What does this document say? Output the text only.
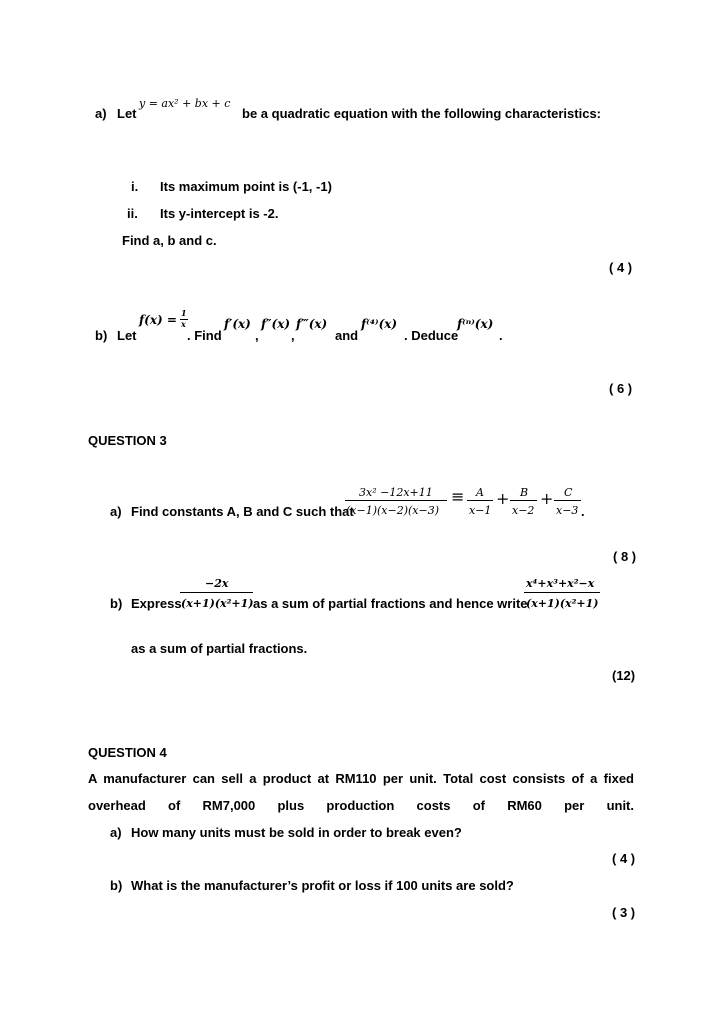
a) Let
y = ax² + bx + c
be a quadratic equation with the following characteristics:
i. Its maximum point is (-1, -1)
ii. Its y-intercept is -2.
Find a, b and c.
( 4 )
b) Let
f(x) = 1
x
. Find
f′(x)
,
f″(x)
,
f‴(x)
and
f⁽⁴⁾(x)
. Deduce
f⁽ⁿ⁾(x)
.
( 6 )
QUESTION 3
a) Find constants A, B and C such that
3x² −12x+11
(x−1)(x−2)(x−3)
≡ A
x−1
+ B
x−2
+ C
x−3 .
( 8 )
b) Express
−2x
(x+1)(x²+1) as a sum of partial fractions and hence write
x⁴+x³+x²−x
(x+1)(x²+1)
as a sum of partial fractions.
(12)
QUESTION 4
A manufacturer can sell a product at RM110 per unit. Total cost consists of a fixed overhead of RM7,000 plus production costs of RM60 per unit.
a) How many units must be sold in order to break even?
( 4 )
b) What is the manufacturer’s profit or loss if 100 units are sold?
( 3 )
